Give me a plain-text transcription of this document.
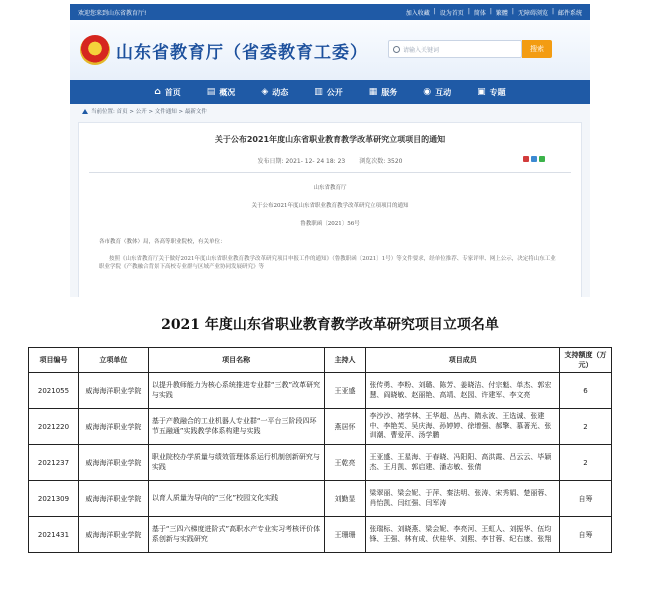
欢迎您来到山东省教育厅!	加入收藏 | 设为首页 | 简体 | 繁體 | 无障碍浏览 | 邮件系统
山东省教育厅（省委教育工委）	请输入关键词	搜索
⌂ 首页	▤ 概况	◈ 动态	▥ 公开	▦ 服务	◉ 互动	▣ 专题
当前位置: 首页 > 公开 > 文件通知 > 最新文件
关于公布2021年度山东省职业教育教学改革研究立项项目的通知
发布日期: 2021- 12- 24 18: 23 浏览次数: 3520
山东省教育厅
关于公布2021年度山东省职业教育教学改革研究立项项目的通知
鲁教职函〔2021〕56号
各市教育（教体）局，各高等职业院校，有关单位：
按照《山东省教育厅关于做好2021年度山东省职业教育教学改革研究项目申报工作的通知》（鲁教职函〔2021〕1号）等文件要求，经单位推荐、专家评审、网上公示，决定将山东工业职业学院《产教融合背景下高校专业群与区域产业协同发展研究》等
2021 年度山东省职业教育教学改革研究项目立项名单
项目编号	立项单位	项目名称	主持人	项目成员	支持额度（万元）
2021055	威海海洋职业学院	以提升教师能力为核心系统推进专业群“三教”改革研究与实践	王亚盛	张传勇、李粉、刘璐、陈芳、姜晓洁、付宗魁、单杰、郭宏慧、阎晓敏、赵丽艳、高靖、赵园、许建军、李文亮	6
2021220	威海海洋职业学院	基于产教融合的工业机器人专业群“一平台三阶段四环节五融通”实践教学体系构建与实践	燕居怀	李沙沙、褚学林、王华超、丛冉、隋永波、王选诚、张建中、李艳芙、吴庆海、孙婷婷、徐增强、郝擎、慕著光、张训潮、曹爱萍、汤学鹏	2
2021237	威海海洋职业学院	职业院校办学质量与绩效管理体系运行机制创新研究与实践	王乾亮	王亚盛、王星海、于春晓、冯阳阳、高洪霞、吕云云、毕颖杰、王月凯、郭启建、潘志敏、张倩	2
2021309	威海海洋职业学院	以育人质量为导向的“三化”校园文化实践	刘勤显	梁翠丽、梁会妮、于萍、秦法明、张涛、宋秀娟、楚丽蓉、肖怡凯、闫红强、闫军涛	自筹
2021431	威海海洋职业学院	基于“三四六梯度进阶式”高职水产专业实习考核评价体系创新与实践研究	王珊珊	张瑞标、刘晓燕、梁会妮、李亮河、王虹人、刘振华、伍均锋、王强、林有成、伏桂华、刘熙、李甘蓉、纪右康、张翔	自筹
